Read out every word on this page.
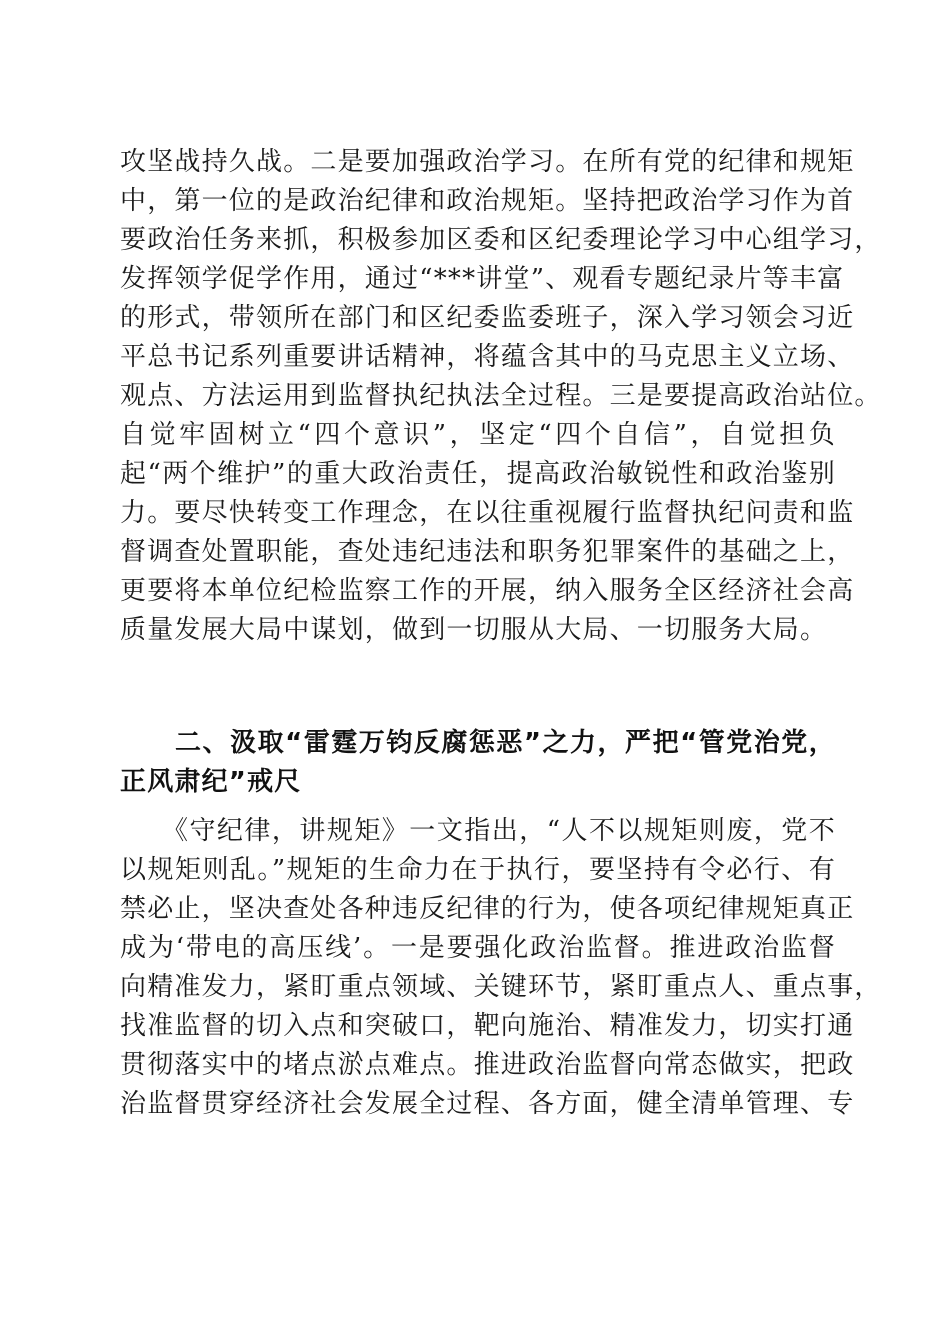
攻坚战持久战。二是要加强政治学习。在所有党的纪律和规矩
中，第一位的是政治纪律和政治规矩。坚持把政治学习作为首
要政治任务来抓，积极参加区委和区纪委理论学习中心组学习，
发挥领学促学作用，通过“***讲堂”、观看专题纪录片等丰富
的形式，带领所在部门和区纪委监委班子，深入学习领会习近
平总书记系列重要讲话精神，将蕴含其中的马克思主义立场、
观点、方法运用到监督执纪执法全过程。三是要提高政治站位。
自觉牢固树立“四个意识”，坚定“四个自信”，自觉担负
起“两个维护”的重大政治责任，提高政治敏锐性和政治鉴别
力。要尽快转变工作理念，在以往重视履行监督执纪问责和监
督调查处置职能，查处违纪违法和职务犯罪案件的基础之上，
更要将本单位纪检监察工作的开展，纳入服务全区经济社会高
质量发展大局中谋划，做到一切服从大局、一切服务大局。
　　二、汲取“雷霆万钧反腐惩恶”之力，严把“管党治党，
正风肃纪”戒尺
　　《守纪律，讲规矩》一文指出，“人不以规矩则废，党不
以规矩则乱。”规矩的生命力在于执行，要坚持有令必行、有
禁必止，坚决查处各种违反纪律的行为，使各项纪律规矩真正
成为‘带电的高压线’。一是要强化政治监督。推进政治监督
向精准发力，紧盯重点领域、关键环节，紧盯重点人、重点事，
找准监督的切入点和突破口，靶向施治、精准发力，切实打通
贯彻落实中的堵点淤点难点。推进政治监督向常态做实，把政
治监督贯穿经济社会发展全过程、各方面，健全清单管理、专
